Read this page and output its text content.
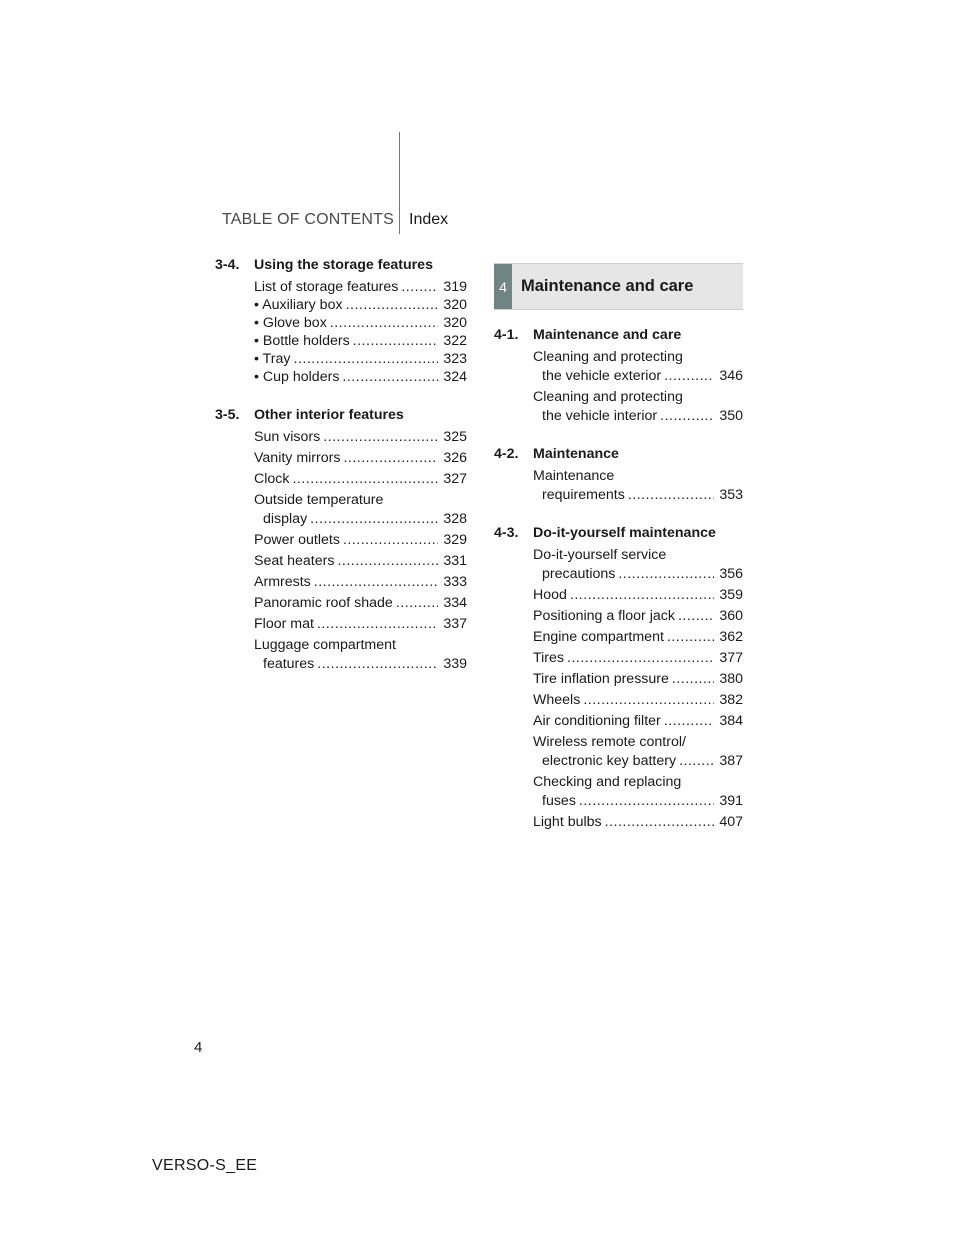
TABLE OF CONTENTS Index
3-4.	Using the storage features
List of storage features .....	319
• Auxiliary box .....	320
• Glove box .....	320
• Bottle holders .....	322
• Tray .....	323
• Cup holders .....	324
3-5.	Other interior features
Sun visors .....	325
Vanity mirrors .....	326
Clock .....	327
Outside temperature
display .....	328
Power outlets .....	329
Seat heaters .....	331
Armrests .....	333
Panoramic roof shade .....	334
Floor mat .....	337
Luggage compartment
features .....	339
4 Maintenance and care
4-1.	Maintenance and care
Cleaning and protecting
the vehicle exterior .....	346
Cleaning and protecting
the vehicle interior .....	350
4-2.	Maintenance
Maintenance
requirements .....	353
4-3.	Do-it-yourself maintenance
Do-it-yourself service
precautions .....	356
Hood .....	359
Positioning a floor jack .....	360
Engine compartment .....	362
Tires .....	377
Tire inflation pressure .....	380
Wheels .....	382
Air conditioning filter .....	384
Wireless remote control/
electronic key battery .....	387
Checking and replacing
fuses .....	391
Light bulbs .....	407
4
VERSO-S_EE
